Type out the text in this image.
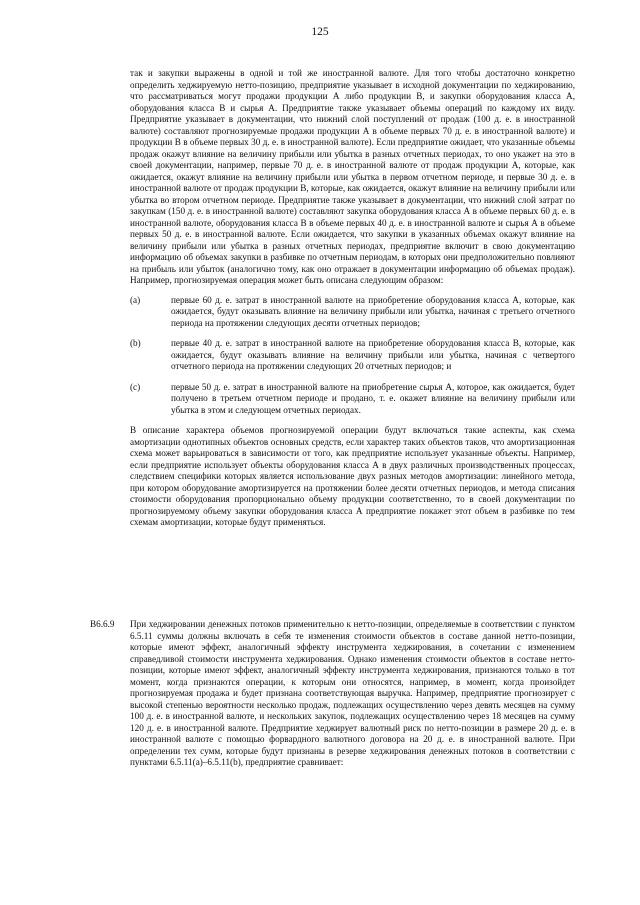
125

так и закупки выражены в одной и той же иностранной валюте. Для того чтобы достаточно конкретно определить хеджируемую нетто-позицию, предприятие указывает в исходной документации по хеджированию, что рассматриваться могут продажи продукции А либо продукции В, и закупки оборудования класса А, оборудования класса В и сырья А. Предприятие также указывает объемы операций по каждому их виду. Предприятие указывает в документации, что нижний слой поступлений от продаж (100 д. е. в иностранной валюте) составляют прогнозируемые продажи продукции А в объеме первых 70 д. е. в иностранной валюте) и продукции В в объеме первых 30 д. е. в иностранной валюте). Если предприятие ожидает, что указанные объемы продаж окажут влияние на величину прибыли или убытка в разных отчетных периодах, то оно укажет на это в своей документации, например, первые 70 д. е. в иностранной валюте от продаж продукции А, которые, как ожидается, окажут влияние на величину прибыли или убытка в первом отчетном периоде, и первые 30 д. е. в иностранной валюте от продаж продукции В, которые, как ожидается, окажут влияние на величину прибыли или убытка во втором отчетном периоде. Предприятие также указывает в документации, что нижний слой затрат по закупкам (150 д. е. в иностранной валюте) составляют закупка оборудования класса А в объеме первых 60 д. е. в иностранной валюте, оборудования класса В в объеме первых 40 д. е. в иностранной валюте и сырья А в объеме первых 50 д. е. в иностранной валюте. Если ожидается, что закупки в указанных объемах окажут влияние на величину прибыли или убытка в разных отчетных периодах, предприятие включит в свою документацию информацию об объемах закупки в разбивке по отчетным периодам, в которых они предположительно повлияют на прибыль или убыток (аналогично тому, как оно отражает в документации информацию об объемах продаж). Например, прогнозируемая операция может быть описана следующим образом:

(a)	первые 60 д. е. затрат в иностранной валюте на приобретение оборудования класса А, которые, как ожидается, будут оказывать влияние на величину прибыли или убытка, начиная с третьего отчетного периода на протяжении следующих десяти отчетных периодов;
(b)	первые 40 д. е. затрат в иностранной валюте на приобретение оборудования класса В, которые, как ожидается, будут оказывать влияние на величину прибыли или убытка, начиная с четвертого отчетного периода на протяжении следующих 20 отчетных периодов; и
(c)	первые 50 д. е. затрат в иностранной валюте на приобретение сырья А, которое, как ожидается, будет получено в третьем отчетном периоде и продано, т. е. окажет влияние на величину прибыли или убытка в этом и следующем отчетных периодах.

В описание характера объемов прогнозируемой операции будут включаться такие аспекты, как схема амортизации однотипных объектов основных средств, если характер таких объектов таков, что амортизационная схема может варьироваться в зависимости от того, как предприятие использует указанные объекты. Например, если предприятие использует объекты оборудования класса А в двух различных производственных процессах, следствием специфики которых является использование двух разных методов амортизации: линейного метода, при котором оборудование амортизируется на протяжении более десяти отчетных периодов, и метода списания стоимости оборудования пропорционально объему продукции соответственно, то в своей документации по прогнозируемому объему закупки оборудования класса А предприятие покажет этот объем в разбивке по тем схемам амортизации, которые будут применяться.

B6.6.9	При хеджировании денежных потоков применительно к нетто-позиции, определяемые в соответствии с пунктом 6.5.11 суммы должны включать в себя те изменения стоимости объектов в составе данной нетто-позиции, которые имеют эффект, аналогичный эффекту инструмента хеджирования, в сочетании с изменением справедливой стоимости инструмента хеджирования. Однако изменения стоимости объектов в составе нетто-позиции, которые имеют эффект, аналогичный эффекту инструмента хеджирования, признаются только в тот момент, когда признаются операции, к которым они относятся, например, в момент, когда произойдет прогнозируемая продажа и будет признана соответствующая выручка. Например, предприятие прогнозирует с высокой степенью вероятности несколько продаж, подлежащих осуществлению через девять месяцев на сумму 100 д. е. в иностранной валюте, и нескольких закупок, подлежащих осуществлению через 18 месяцев на сумму 120 д. е. в иностранной валюте. Предприятие хеджирует валютный риск по нетто-позиции в размере 20 д. е. в иностранной валюте с помощью форвардного валютного договора на 20 д. е. в иностранной валюте. При определении тех сумм, которые будут признаны в резерве хеджирования денежных потоков в соответствии с пунктами 6.5.11(a)–6.5.11(b), предприятие сравнивает:
